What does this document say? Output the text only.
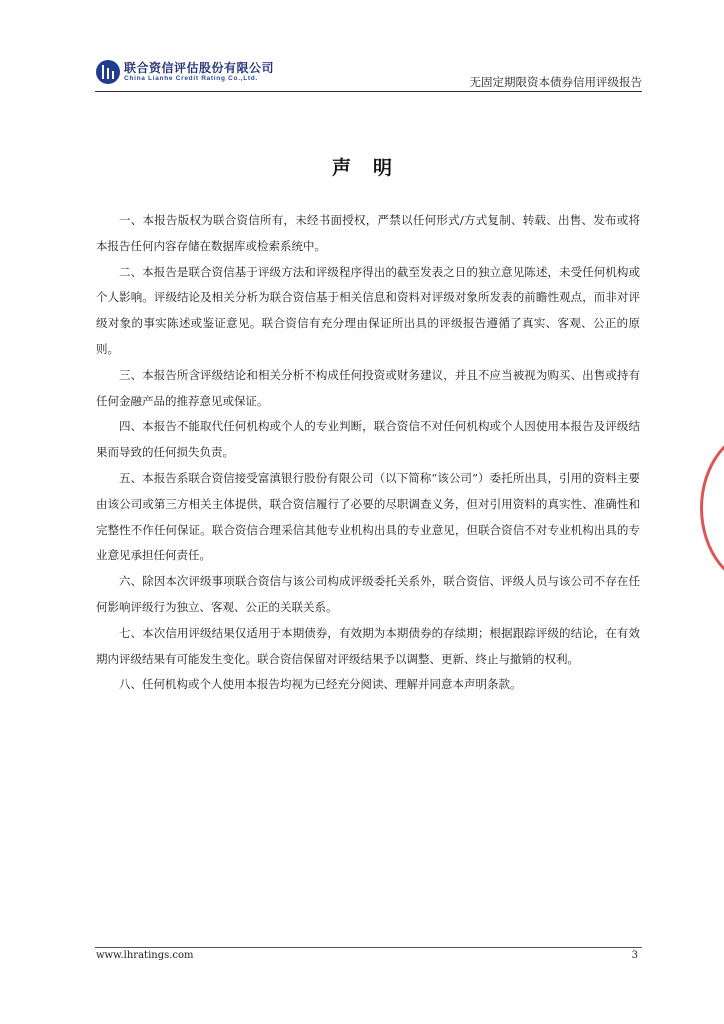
联合资信评估股份有限公司
China Lianhe Credit Rating Co.,Ltd.	无固定期限资本债券信用评级报告
声明

一、本报告版权为联合资信所有，未经书面授权，严禁以任何形式/方式复制、转载、出售、发布或将本报告任何内容存储在数据库或检索系统中。

二、本报告是联合资信基于评级方法和评级程序得出的截至发表之日的独立意见陈述，未受任何机构或个人影响。评级结论及相关分析为联合资信基于相关信息和资料对评级对象所发表的前瞻性观点，而非对评级对象的事实陈述或鉴证意见。联合资信有充分理由保证所出具的评级报告遵循了真实、客观、公正的原则。

三、本报告所含评级结论和相关分析不构成任何投资或财务建议，并且不应当被视为购买、出售或持有任何金融产品的推荐意见或保证。

四、本报告不能取代任何机构或个人的专业判断，联合资信不对任何机构或个人因使用本报告及评级结果而导致的任何损失负责。

五、本报告系联合资信接受富滇银行股份有限公司（以下简称“该公司”）委托所出具，引用的资料主要由该公司或第三方相关主体提供，联合资信履行了必要的尽职调查义务，但对引用资料的真实性、准确性和完整性不作任何保证。联合资信合理采信其他专业机构出具的专业意见，但联合资信不对专业机构出具的专业意见承担任何责任。

六、除因本次评级事项联合资信与该公司构成评级委托关系外，联合资信、评级人员与该公司不存在任何影响评级行为独立、客观、公正的关联关系。

七、本次信用评级结果仅适用于本期债券，有效期为本期债券的存续期；根据跟踪评级的结论，在有效期内评级结果有可能发生变化。联合资信保留对评级结果予以调整、更新、终止与撤销的权利。

八、任何机构或个人使用本报告均视为已经充分阅读、理解并同意本声明条款。

www.lhratings.com	3
